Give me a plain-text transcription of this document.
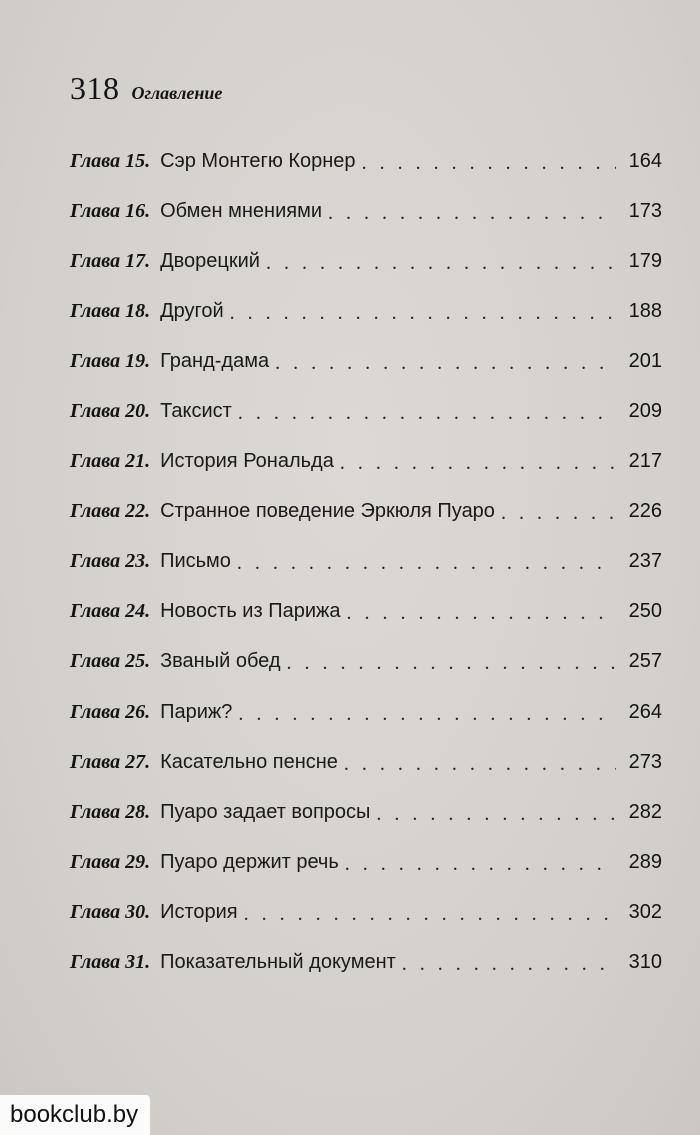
318 Оглавление
Глава 15. Сэр Монтегю Корнер . . .	164
Глава 16. Обмен мнениями . . .	173
Глава 17. Дворецкий . . .	179
Глава 18. Другой . . .	188
Глава 19. Гранд-дама . . .	201
Глава 20. Таксист . . .	209
Глава 21. История Рональда . . .	217
Глава 22. Странное поведение Эркюля Пуаро . . .	226
Глава 23. Письмо . . .	237
Глава 24. Новость из Парижа . . .	250
Глава 25. Званый обед . . .	257
Глава 26. Париж? . . .	264
Глава 27. Касательно пенсне . . .	273
Глава 28. Пуаро задает вопросы . . .	282
Глава 29. Пуаро держит речь . . .	289
Глава 30. История . . .	302
Глава 31. Показательный документ . . .	310
bookclub.by
